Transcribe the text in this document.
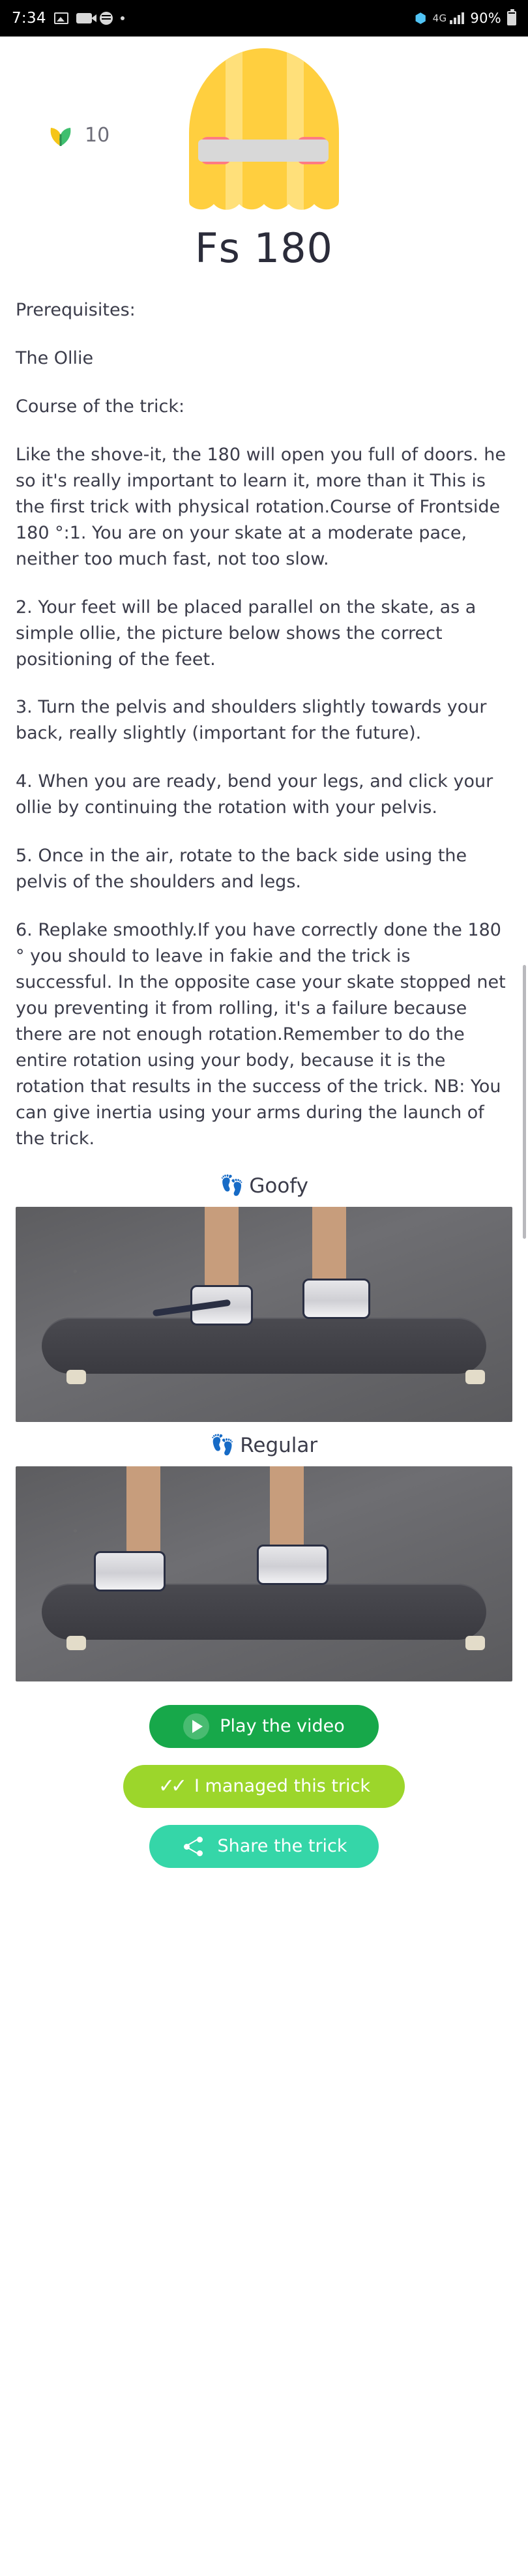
7:34	⬢ 4G 90%
10
Fs 180

Prerequisites:

The Ollie

Course of the trick:

Like the shove-it, the 180 will open you full of doors. he so it's really important to learn it, more than it This is the first trick with physical rotation.Course of Frontside 180 °:1. You are on your skate at a moderate pace, neither too much fast, not too slow.

2. Your feet will be placed parallel on the skate, as a simple ollie, the picture below shows the correct positioning of the feet.

3. Turn the pelvis and shoulders slightly towards your back, really slightly (important for the future).

4. When you are ready, bend your legs, and click your ollie by continuing the rotation with your pelvis.

5. Once in the air, rotate to the back side using the pelvis of the shoulders and legs.

6. Replake smoothly.If you have correctly done the 180 ° you should to leave in fakie and the trick is successful. In the opposite case your skate stopped net you preventing it from rolling, it's a failure because there are not enough rotation.Remember to do the entire rotation using your body, because it is the rotation that results in the success of the trick. NB: You can give inertia using your arms during the launch of the trick.

👣 Goofy
👣 Regular
Play the video
✓✓ I managed this trick
Share the trick
